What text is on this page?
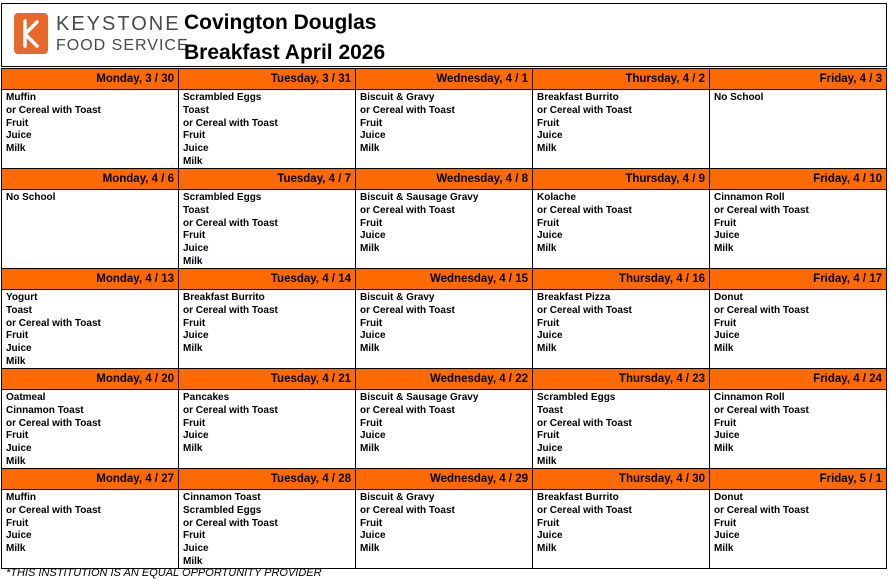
KEYSTONE
FOOD SERVICE
Covington Douglas
Breakfast April 2026
Monday, 3 / 30
Muffin
or Cereal with Toast
Fruit
Juice
Milk
Tuesday, 3 / 31
Scrambled Eggs
Toast
or Cereal with Toast
Fruit
Juice
Milk
Wednesday, 4 / 1
Biscuit & Gravy
or Cereal with Toast
Fruit
Juice
Milk
Thursday, 4 / 2
Breakfast Burrito
or Cereal with Toast
Fruit
Juice
Milk
Friday, 4 / 3
No School
Monday, 4 / 6
No School
Tuesday, 4 / 7
Scrambled Eggs
Toast
or Cereal with Toast
Fruit
Juice
Milk
Wednesday, 4 / 8
Biscuit & Sausage Gravy
or Cereal with Toast
Fruit
Juice
Milk
Thursday, 4 / 9
Kolache
or Cereal with Toast
Fruit
Juice
Milk
Friday, 4 / 10
Cinnamon Roll
or Cereal with Toast
Fruit
Juice
Milk
Monday, 4 / 13
Yogurt
Toast
or Cereal with Toast
Fruit
Juice
Milk
Tuesday, 4 / 14
Breakfast Burrito
or Cereal with Toast
Fruit
Juice
Milk
Wednesday, 4 / 15
Biscuit & Gravy
or Cereal with Toast
Fruit
Juice
Milk
Thursday, 4 / 16
Breakfast Pizza
or Cereal with Toast
Fruit
Juice
Milk
Friday, 4 / 17
Donut
or Cereal with Toast
Fruit
Juice
Milk
Monday, 4 / 20
Oatmeal
Cinnamon Toast
or Cereal with Toast
Fruit
Juice
Milk
Tuesday, 4 / 21
Pancakes
or Cereal with Toast
Fruit
Juice
Milk
Wednesday, 4 / 22
Biscuit & Sausage Gravy
or Cereal with Toast
Fruit
Juice
Milk
Thursday, 4 / 23
Scrambled Eggs
Toast
or Cereal with Toast
Fruit
Juice
Milk
Friday, 4 / 24
Cinnamon Roll
or Cereal with Toast
Fruit
Juice
Milk
Monday, 4 / 27
Muffin
or Cereal with Toast
Fruit
Juice
Milk
Tuesday, 4 / 28
Cinnamon Toast
Scrambled Eggs
or Cereal with Toast
Fruit
Juice
Milk
Wednesday, 4 / 29
Biscuit & Gravy
or Cereal with Toast
Fruit
Juice
Milk
Thursday, 4 / 30
Breakfast Burrito
or Cereal with Toast
Fruit
Juice
Milk
Friday, 5 / 1
Donut
or Cereal with Toast
Fruit
Juice
Milk
*THIS INSTITUTION IS AN EQUAL OPPORTUNITY PROVIDER
